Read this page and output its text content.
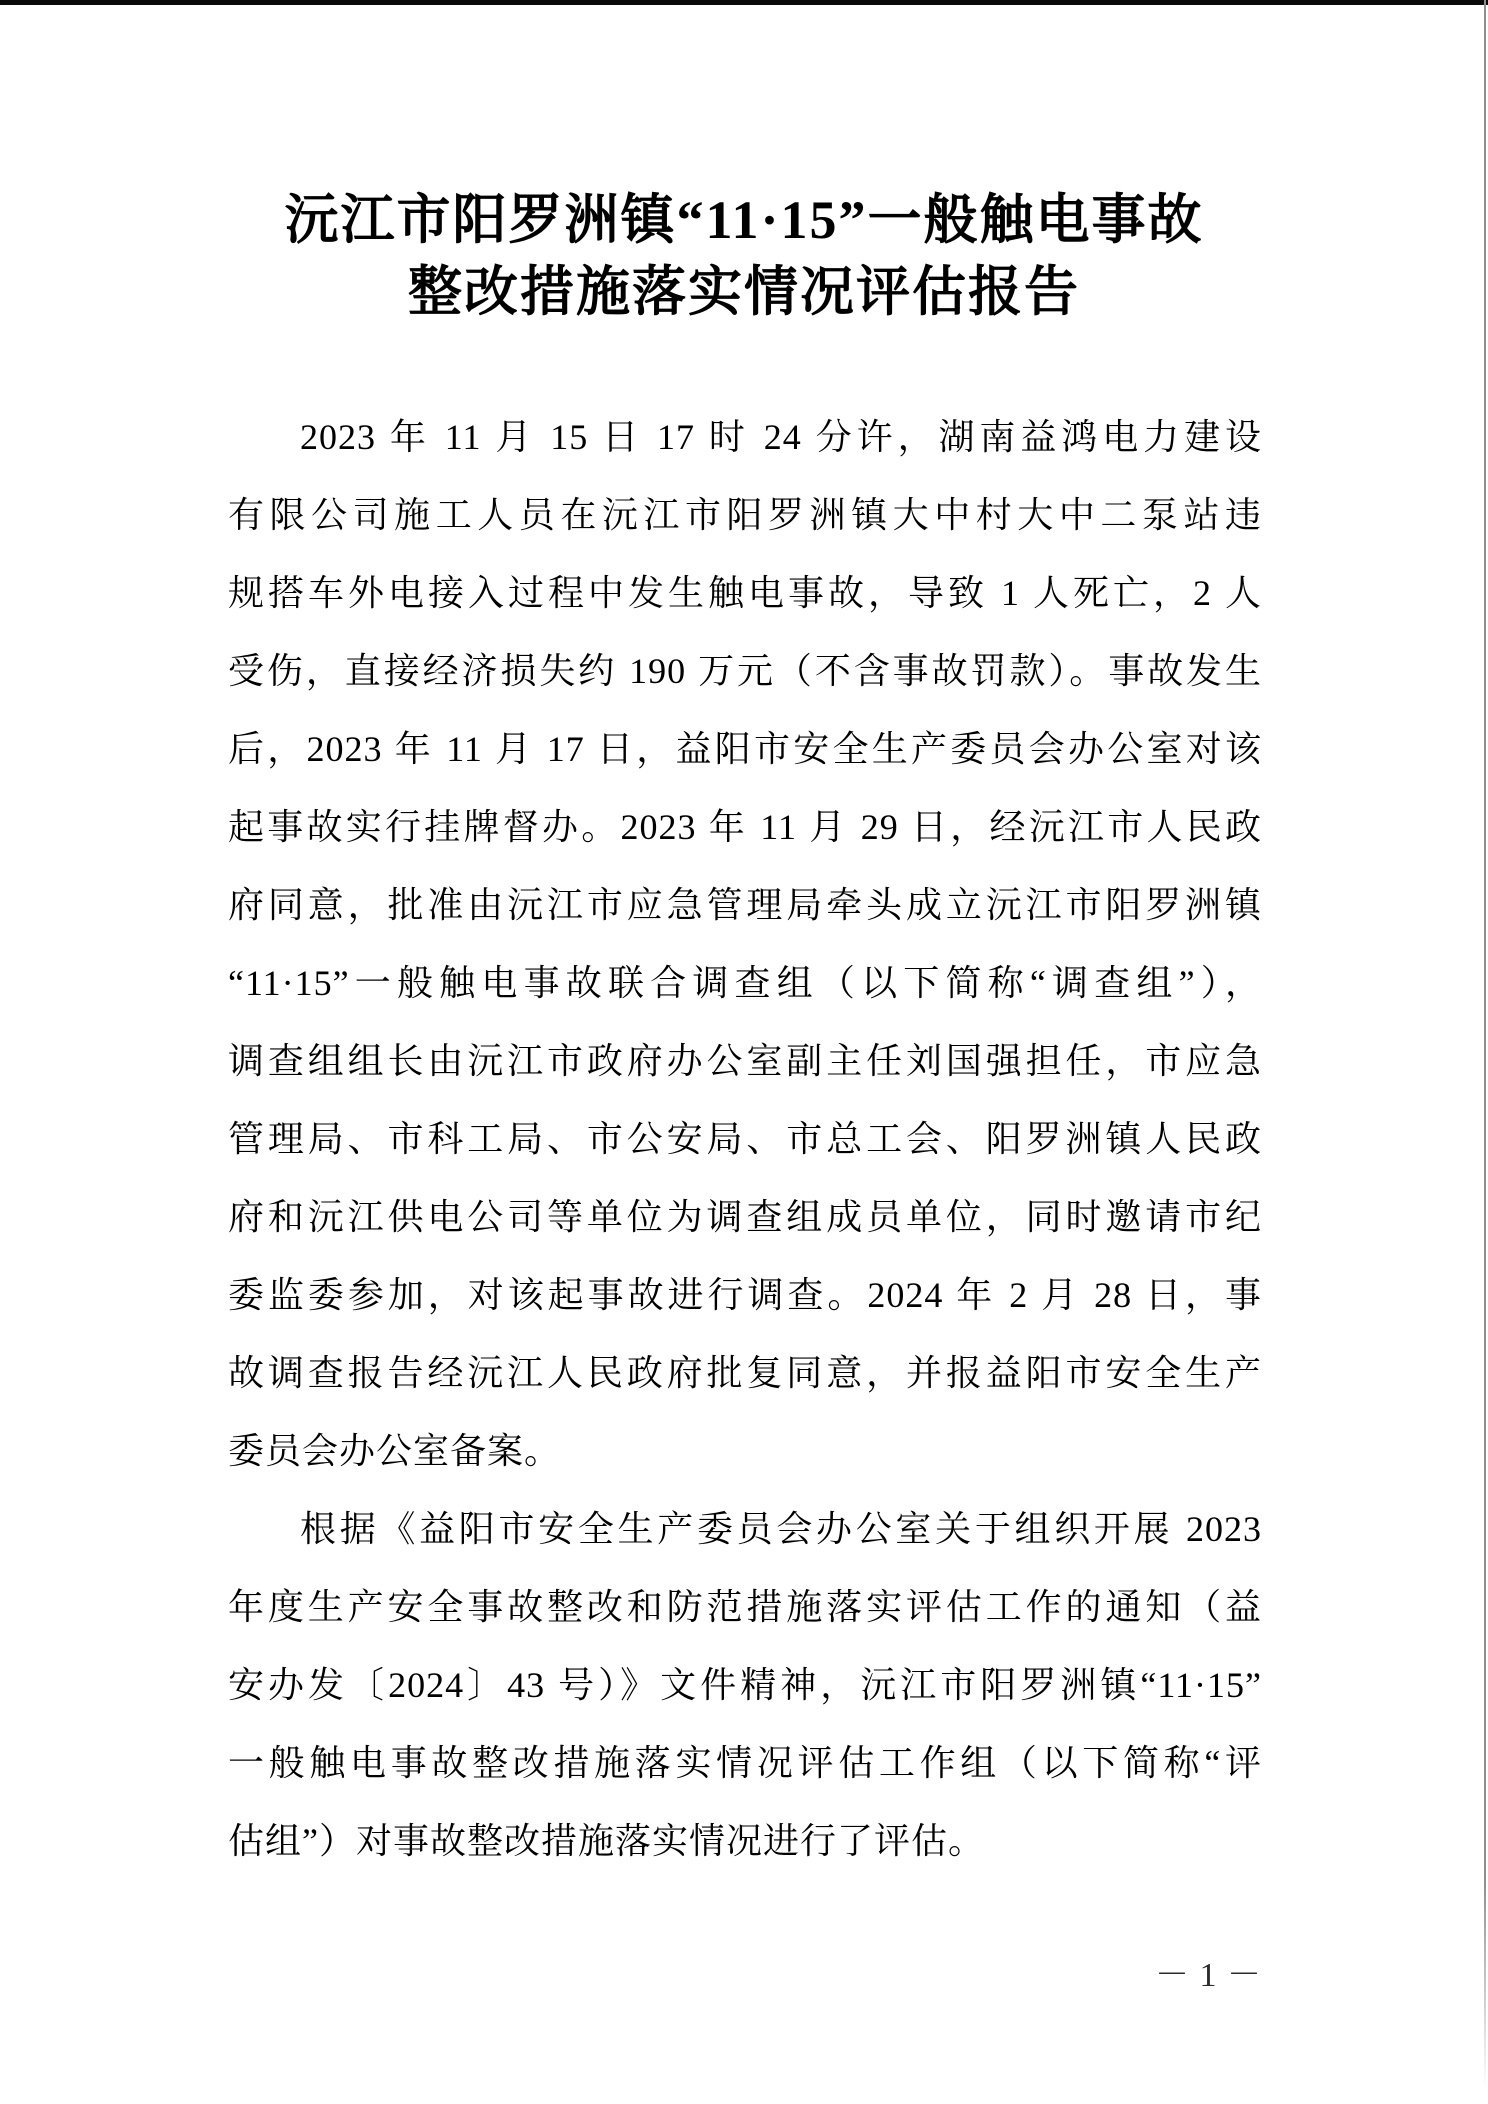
沅江市阳罗洲镇“11·15”一般触电事故
整改措施落实情况评估报告
2023 年 11 月 15 日 17 时 24 分许，湖南益鸿电力建设
有限公司施工人员在沅江市阳罗洲镇大中村大中二泵站违
规搭车外电接入过程中发生触电事故，导致 1 人死亡，2 人
受伤，直接经济损失约 190 万元（不含事故罚款）。事故发生
后，2023 年 11 月 17 日，益阳市安全生产委员会办公室对该
起事故实行挂牌督办。2023 年 11 月 29 日，经沅江市人民政
府同意，批准由沅江市应急管理局牵头成立沅江市阳罗洲镇
“11·15”一般触电事故联合调查组（以下简称“调查组”），
调查组组长由沅江市政府办公室副主任刘国强担任，市应急
管理局、市科工局、市公安局、市总工会、阳罗洲镇人民政
府和沅江供电公司等单位为调查组成员单位，同时邀请市纪
委监委参加，对该起事故进行调查。2024 年 2 月 28 日，事
故调查报告经沅江人民政府批复同意，并报益阳市安全生产
委员会办公室备案。
根据《益阳市安全生产委员会办公室关于组织开展 2023
年度生产安全事故整改和防范措施落实评估工作的通知（益
安办发〔2024〕43 号）》文件精神，沅江市阳罗洲镇“11·15”
一般触电事故整改措施落实情况评估工作组（以下简称“评
估组”）对事故整改措施落实情况进行了评估。
－ 1 －
